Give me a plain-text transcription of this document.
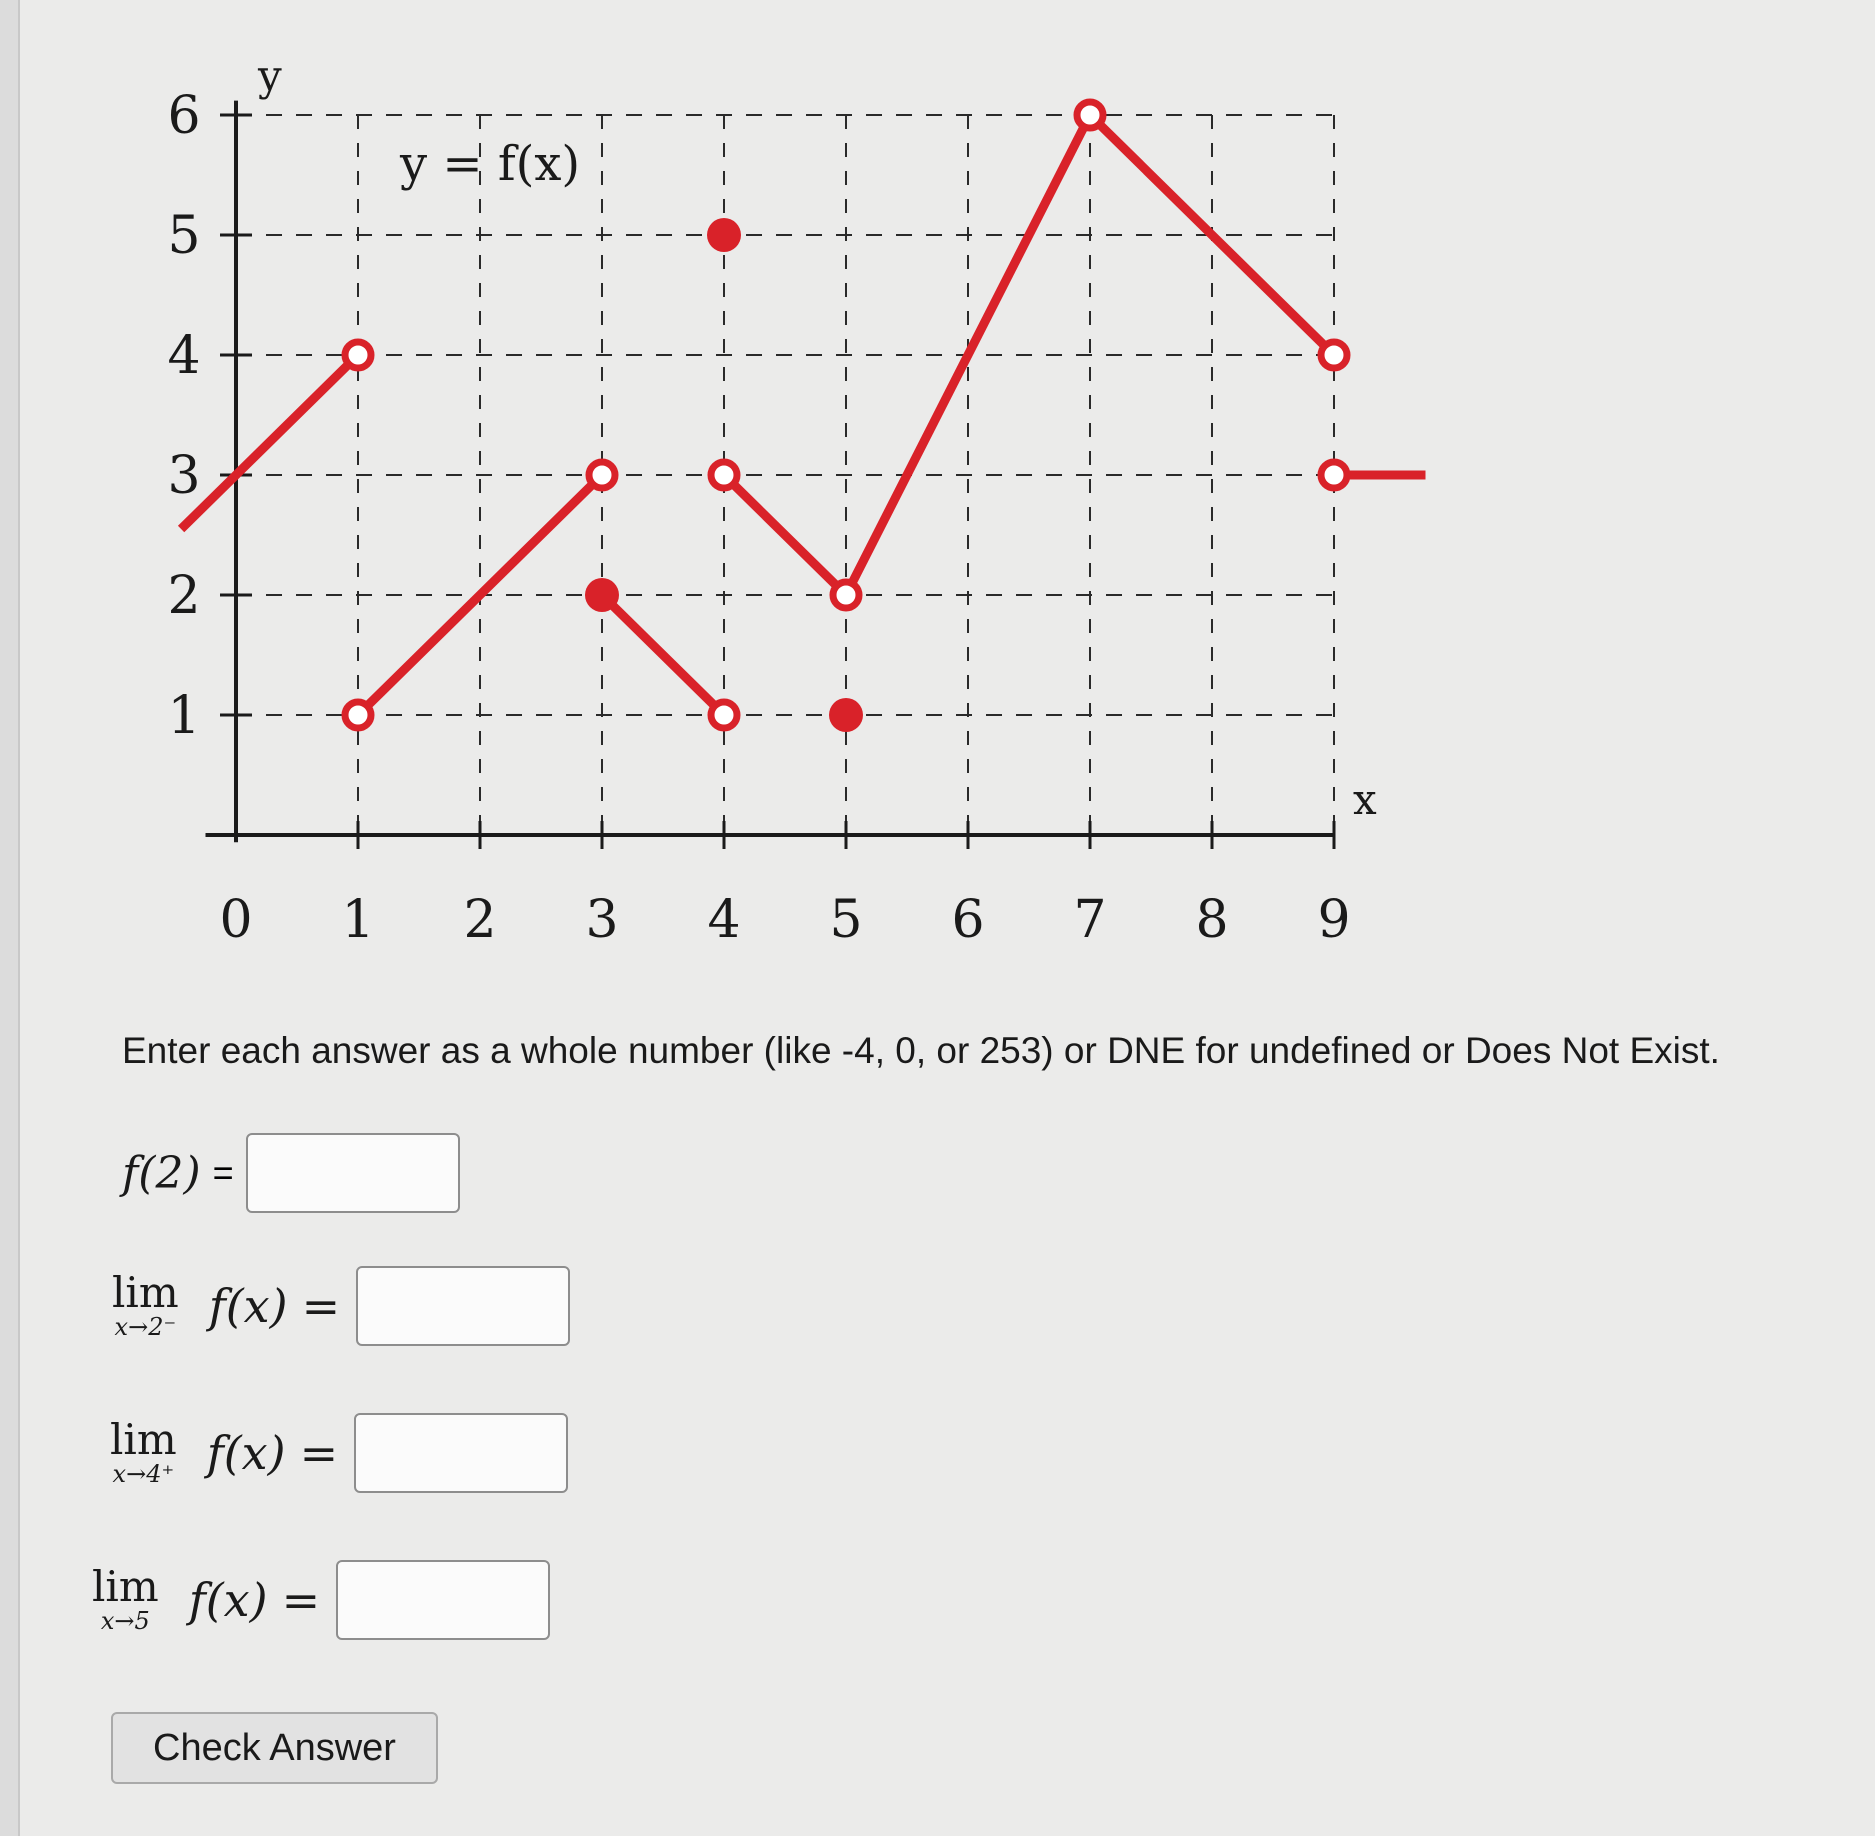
0 1 2 3 4 5 6 7 8 9
1
2
3
4
5
6
y = f(x)
y
x
Enter each answer as a whole number (like -4, 0, or 253) or DNE for undefined or Does Not Exist.
f(2) =
lim
x→2⁻ f(x) =
lim
x→4⁺ f(x) =
lim
x→5 f(x) =
Check Answer
